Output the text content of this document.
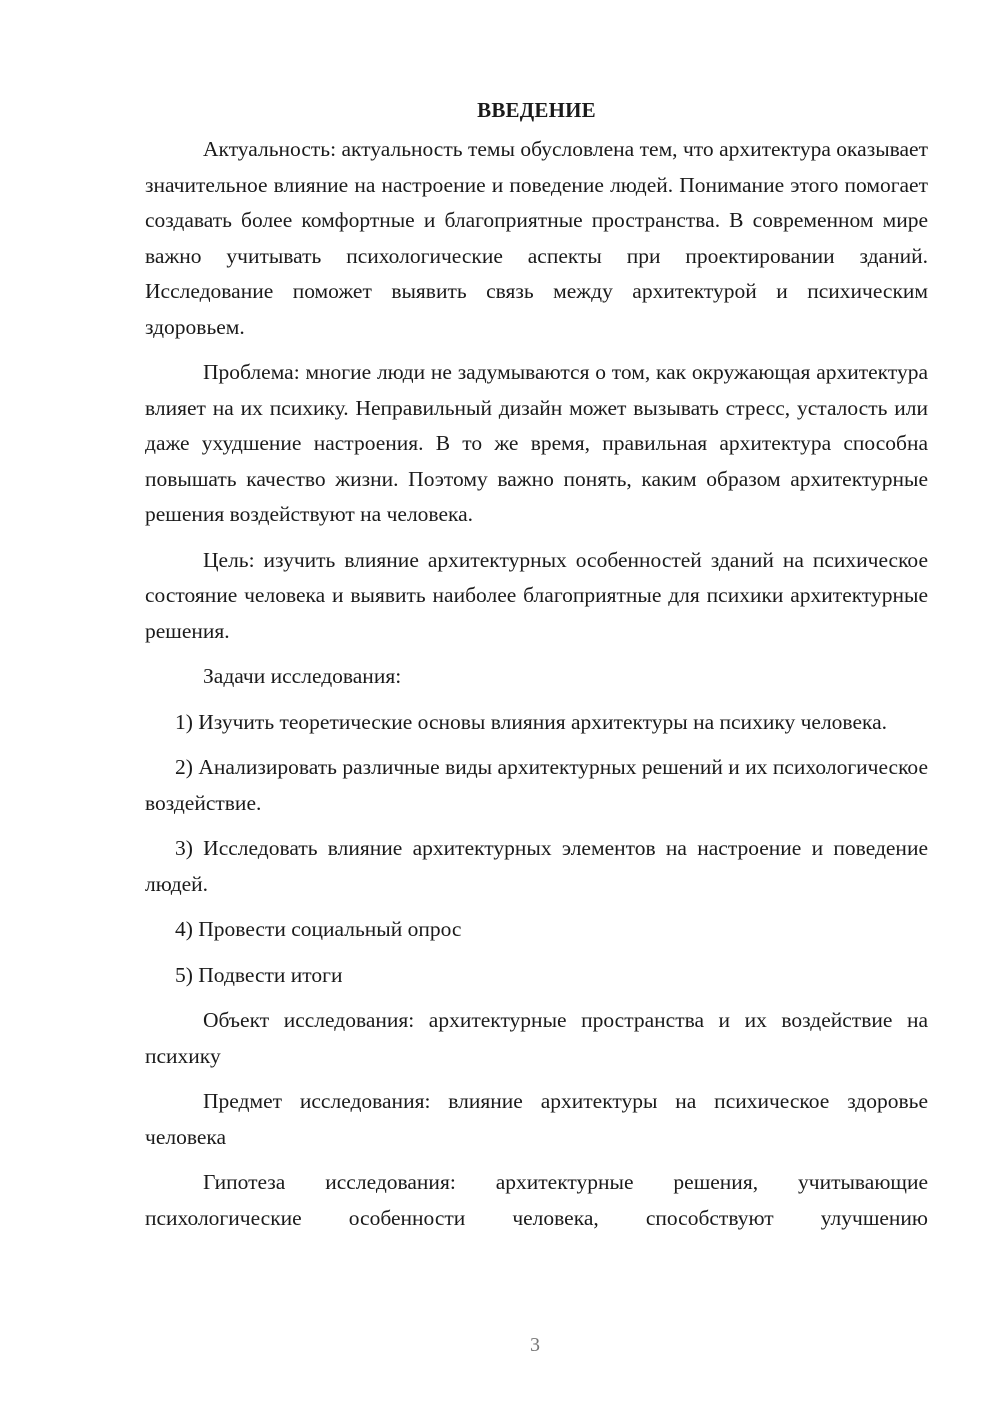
ВВЕДЕНИЕ

Актуальность: актуальность темы обусловлена тем, что архитектура оказывает значительное влияние на настроение и поведение людей. Понимание этого помогает создавать более комфортные и благоприятные пространства. В современном мире важно учитывать психологические аспекты при проектировании зданий. Исследование поможет выявить связь между архитектурой и психическим здоровьем.

Проблема: многие люди не задумываются о том, как окружающая архитектура влияет на их психику. Неправильный дизайн может вызывать стресс, усталость или даже ухудшение настроения. В то же время, правильная архитектура способна повышать качество жизни. Поэтому важно понять, каким образом архитектурные решения воздействуют на человека.

Цель: изучить влияние архитектурных особенностей зданий на психическое состояние человека и выявить наиболее благоприятные для психики архитектурные решения.

Задачи исследования:

1) Изучить теоретические основы влияния архитектуры на психику человека.

2) Анализировать различные виды архитектурных решений и их психологическое воздействие.

3) Исследовать влияние архитектурных элементов на настроение и поведение людей.

4) Провести социальный опрос

5) Подвести итоги

Объект исследования: архитектурные пространства и их воздействие на психику

Предмет исследования: влияние архитектуры на психическое здоровье человека

Гипотеза исследования: архитектурные решения, учитывающие психологические особенности человека, способствуют улучшению

3
